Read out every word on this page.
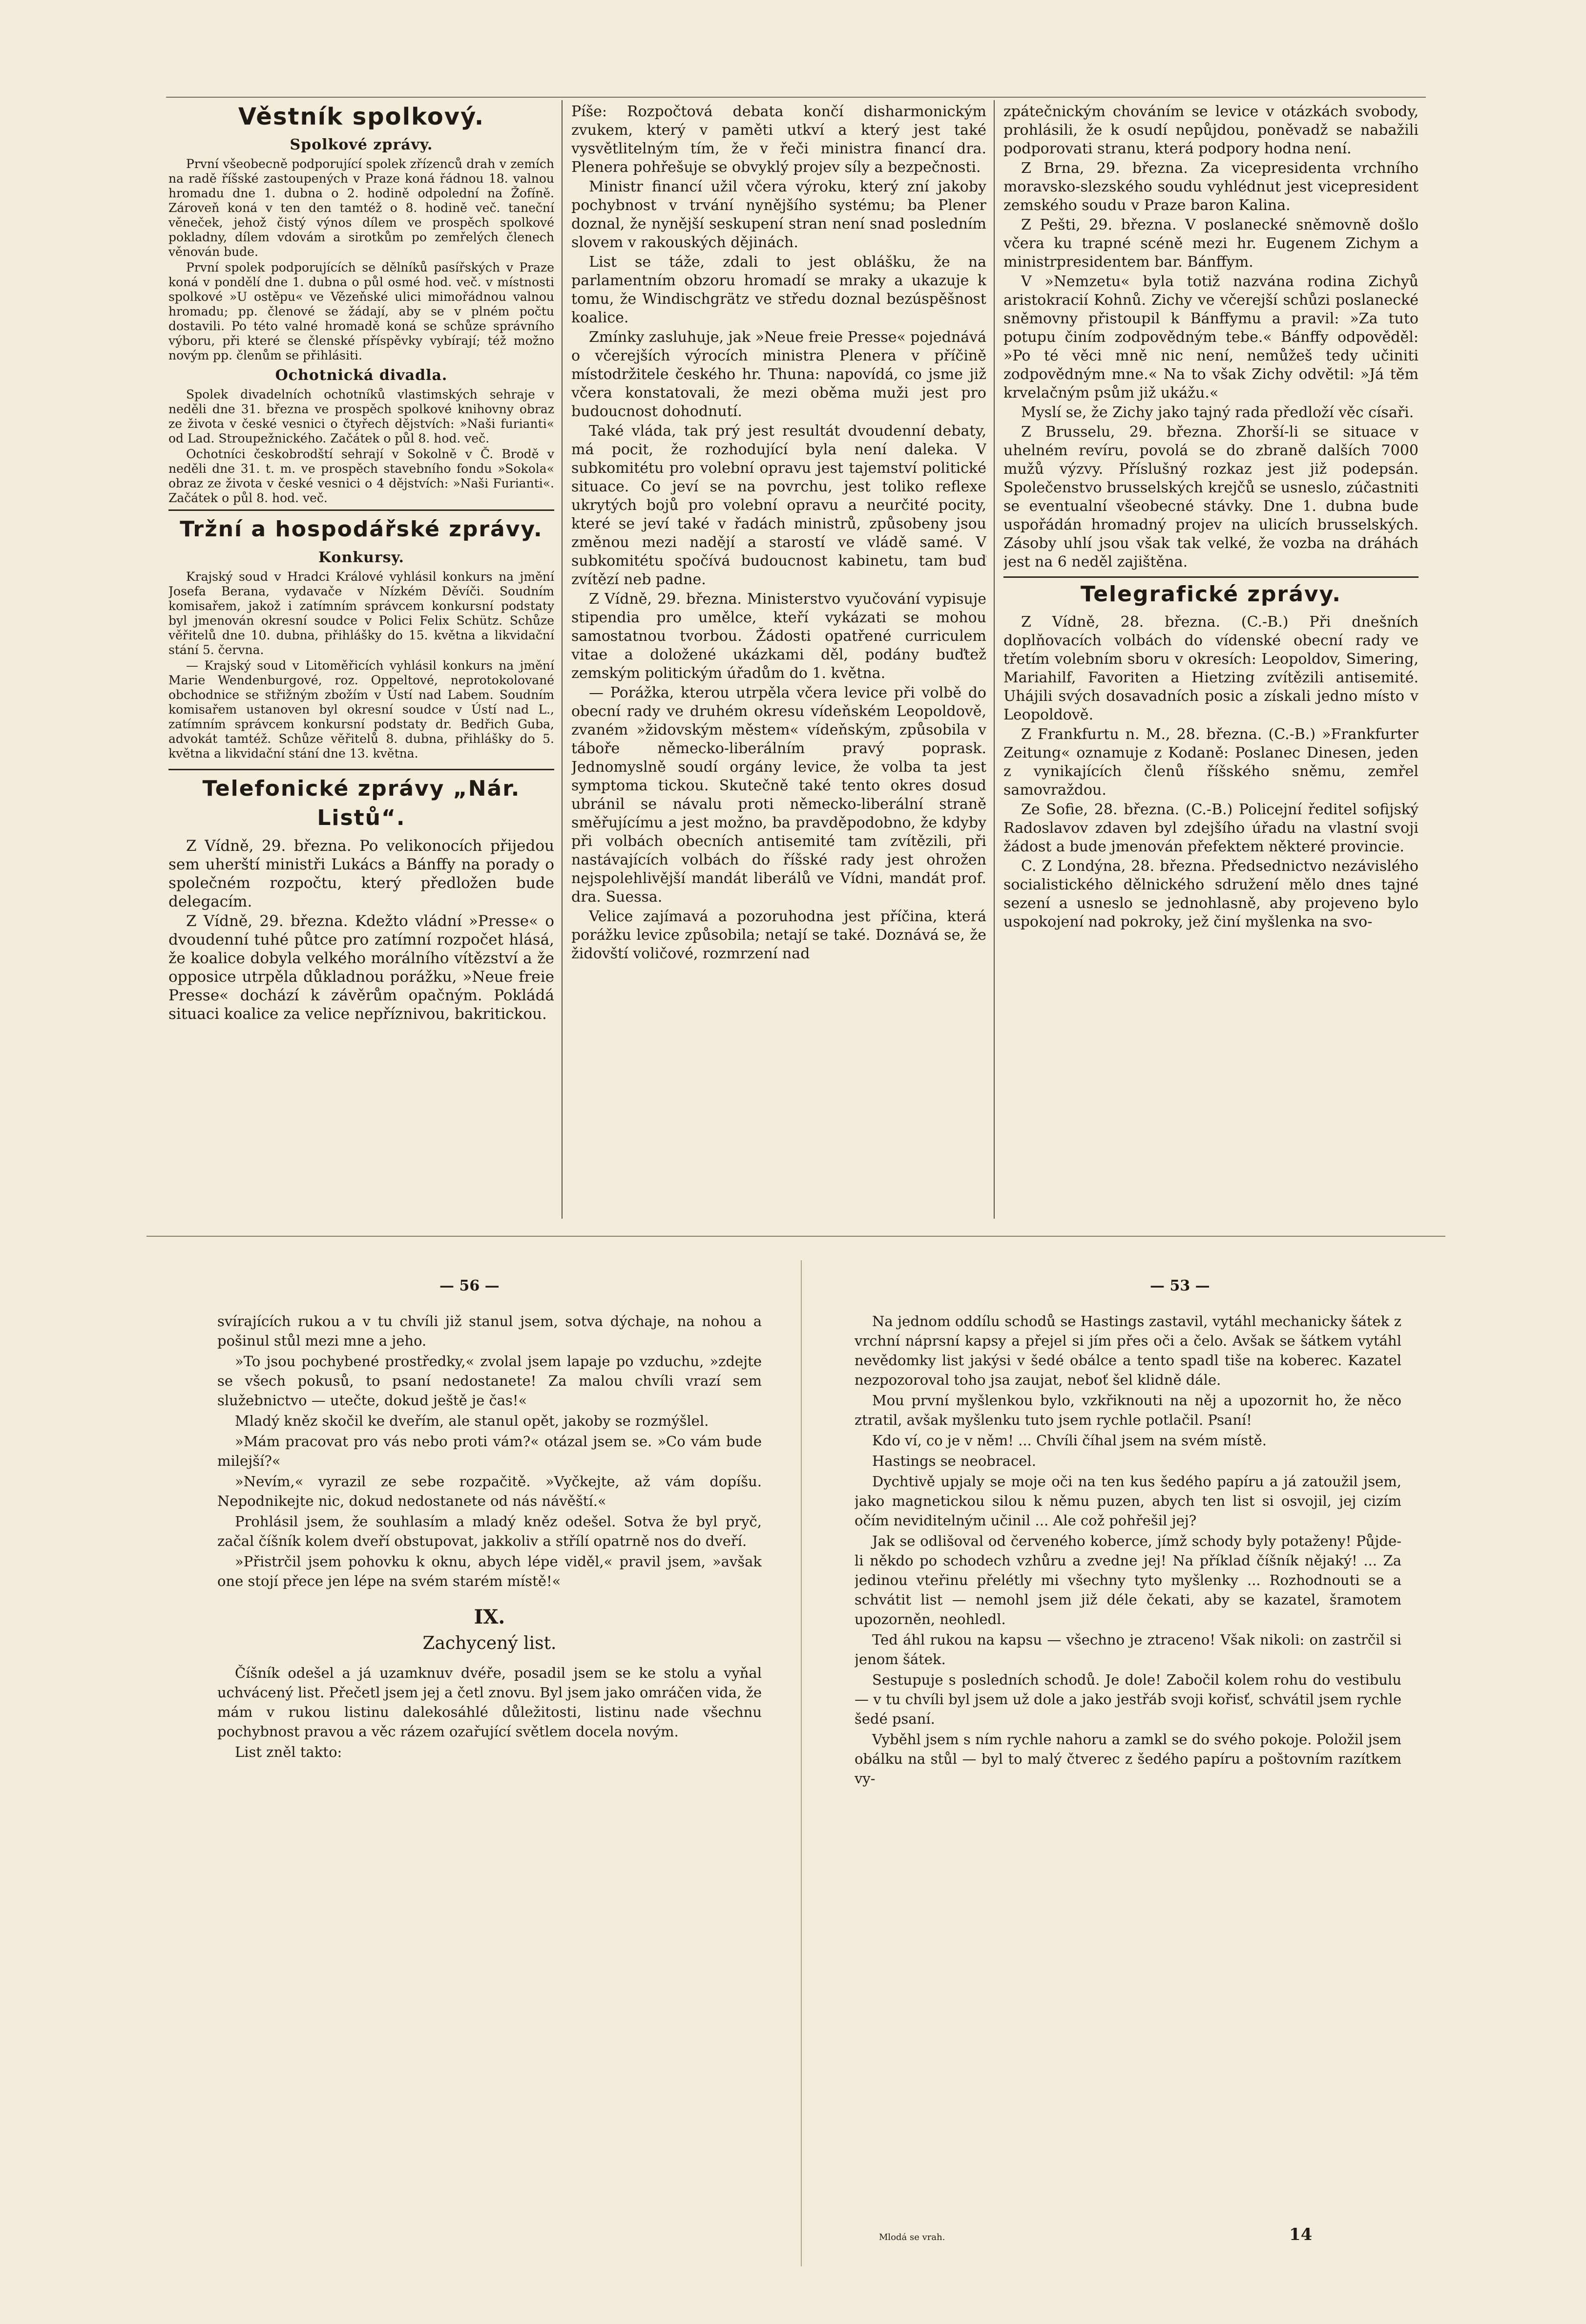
Věstník spolkový.
Spolkové zprávy.

První všeobecně podporující spolek zřízenců drah v zemích na radě říšské zastoupených v Praze koná řádnou 18. valnou hromadu dne 1. dubna o 2. hodině odpolední na Žofíně. Zároveň koná v ten den tamtéž o 8. hodině več. taneční věneček, jehož čistý výnos dílem ve prospěch spolkové pokladny, dílem vdovám a sirotkům po zemřelých členech věnován bude.

První spolek podporujících se dělníků pasířských v Praze koná v pondělí dne 1. dubna o půl osmé hod. več. v místnosti spolkové »U ostěpu« ve Vězeňské ulici mimořádnou valnou hromadu; pp. členové se žádají, aby se v plném počtu dostavili. Po této valné hromadě koná se schůze správního výboru, při které se členské příspěvky vybírají; též možno novým pp. členům se přihlásiti.

Ochotnická divadla.

Spolek divadelních ochotníků vlastimských sehraje v neděli dne 31. března ve prospěch spolkové knihovny obraz ze života v české vesnici o čtyřech dějstvích: »Naši furianti« od Lad. Stroupežnického. Začátek o půl 8. hod. več.

Ochotníci českobrodští sehrají v Sokolně v Č. Brodě v neděli dne 31. t. m. ve prospěch stavebního fondu »Sokola« obraz ze života v české vesnici o 4 dějstvích: »Naši Furianti«. Začátek o půl 8. hod. več.

Tržní a hospodářské zprávy.
Konkursy.

Krajský soud v Hradci Králové vyhlásil konkurs na jmění Josefa Berana, vydavače v Nízkém Děvíči. Soudním komisařem, jakož i zatímním správcem konkursní podstaty byl jmenován okresní soudce v Polici Felix Schütz. Schůze věřitelů dne 10. dubna, přihlášky do 15. května a likvidační stání 5. června.

— Krajský soud v Litoměřicích vyhlásil konkurs na jmění Marie Wendenburgové, roz. Oppeltové, neprotokolované obchodnice se střižným zbožím v Ústí nad Labem. Soudním komisařem ustanoven byl okresní soudce v Ústí nad L., zatímním správcem konkursní podstaty dr. Bedřich Guba, advokát tamtéž. Schůze věřitelů 8. dubna, přihlášky do 5. května a likvidační stání dne 13. května.

Telefonické zprávy „Nár. Listů“.

Z Vídně, 29. března. Po velikonocích přijedou sem uherští ministři Lukács a Bánffy na porady o společném rozpočtu, který předložen bude delegacím.

Z Vídně, 29. března. Kdežto vládní »Presse« o dvoudenní tuhé půtce pro zatímní rozpočet hlásá, že koalice dobyla velkého morálního vítězství a že opposice utrpěla důkladnou porážku, »Neue freie Presse« dochází k závěrům opačným. Pokládá situaci koalice za velice nepříznivou, bakritickou.

Píše: Rozpočtová debata končí disharmonickým zvukem, který v paměti utkví a který jest také vysvětlitelným tím, že v řeči ministra financí dra. Plenera pohřešuje se obvyklý projev síly a bezpečnosti.

Ministr financí užil včera výroku, který zní jakoby pochybnost v trvání nynějšího systému; ba Plener doznal, že nynější seskupení stran není snad posledním slovem v rakouských dějinách.

List se táže, zdali to jest oblášku, že na parlamentním obzoru hromadí se mraky a ukazuje k tomu, že Windischgrätz ve středu doznal bezúspěšnost koalice.

Zmínky zasluhuje, jak »Neue freie Presse« pojednává o včerejších výrocích ministra Plenera v příčině místodržitele českého hr. Thuna: napovídá, co jsme již včera konstatovali, že mezi oběma muži jest pro budoucnost dohodnutí.

Také vláda, tak prý jest resultát dvoudenní debaty, má pocit, že rozhodující byla není daleka. V subkomitétu pro volební opravu jest tajemství politické situace. Co jeví se na povrchu, jest toliko reflexe ukrytých bojů pro volební opravu a neurčité pocity, které se jeví také v řadách ministrů, způsobeny jsou změnou mezi nadějí a starostí ve vládě samé. V subkomitétu spočívá budoucnost kabinetu, tam buď zvítězí neb padne.

Z Vídně, 29. března. Ministerstvo vyučování vypisuje stipendia pro umělce, kteří vykázati se mohou samostatnou tvorbou. Žádosti opatřené curriculem vitae a doložené ukázkami děl, podány buďtež zemským politickým úřadům do 1. května.

— Porážka, kterou utrpěla včera levice při volbě do obecní rady ve druhém okresu vídeňském Leopoldově, zvaném »židovským městem« vídeňským, způsobila v táboře německo-liberálním pravý poprask. Jednomyslně soudí orgány levice, že volba ta jest symptoma tickou. Skutečně také tento okres dosud ubránil se návalu proti německo-liberální straně směřujícímu a jest možno, ba pravděpodobno, že kdyby při volbách obecních antisemité tam zvítězili, při nastávajících volbách do říšské rady jest ohrožen nejspolehlivější mandát liberálů ve Vídni, mandát prof. dra. Suessa.

Velice zajímavá a pozoruhodna jest příčina, která porážku levice způsobila; netají se také. Doznává se, že židovští voličové, rozmrzení nad

zpátečnickým chováním se levice v otázkách svobody, prohlásili, že k osudí nepůjdou, poněvadž se nabažili podporovati stranu, která podpory hodna není.

Z Brna, 29. března. Za vicepresidenta vrchního moravsko-slezského soudu vyhlédnut jest vicepresident zemského soudu v Praze baron Kalina.

Z Pešti, 29. března. V poslanecké sněmovně došlo včera ku trapné scéně mezi hr. Eugenem Zichym a ministrpresidentem bar. Bánffym.

V »Nemzetu« byla totiž nazvána rodina Zichyů aristokracií Kohnů. Zichy ve včerejší schůzi poslanecké sněmovny přistoupil k Bánffymu a pravil: »Za tuto potupu činím zodpovědným tebe.« Bánffy odpověděl: »Po té věci mně nic není, nemůžeš tedy učiniti zodpovědným mne.« Na to však Zichy odvětil: »Já těm krvelačným psům již ukážu.«

Myslí se, že Zichy jako tajný rada předloží věc císaři.

Z Brusselu, 29. března. Zhorší-li se situace v uhelném revíru, povolá se do zbraně dalších 7000 mužů výzvy. Příslušný rozkaz jest již podepsán. Společenstvo brusselských krejčů se usneslo, zúčastniti se eventualní všeobecné stávky. Dne 1. dubna bude uspořádán hromadný projev na ulicích brusselských. Zásoby uhlí jsou však tak velké, že vozba na dráhách jest na 6 neděl zajištěna.

Telegrafické zprávy.

Z Vídně, 28. března. (C.-B.) Při dnešních doplňovacích volbách do vídenské obecní rady ve třetím volebním sboru v okresích: Leopoldov, Simering, Mariahilf, Favoriten a Hietzing zvítězili antisemité. Uhájili svých dosavadních posic a získali jedno místo v Leopoldově.

Z Frankfurtu n. M., 28. března. (C.-B.) »Frankfurter Zeitung« oznamuje z Kodaně: Poslanec Dinesen, jeden z vynikajících členů říšského sněmu, zemřel samovraždou.

Ze Sofie, 28. března. (C.-B.) Policejní ředitel sofijský Radoslavov zdaven byl zdejšího úřadu na vlastní svoji žádost a bude jmenován přefektem některé provincie.

C. Z Londýna, 28. března. Předsednictvo nezávislého socialistického dělnického sdružení mělo dnes tajné sezení a usneslo se jednohlasně, aby projeveno bylo uspokojení nad pokroky, jež činí myšlenka na svo-

— 56 —

svírajících rukou a v tu chvíli již stanul jsem, sotva dýchaje, na nohou a pošinul stůl mezi mne a jeho.

»To jsou pochybené prostředky,« zvolal jsem lapaje po vzduchu, »zdejte se všech pokusů, to psaní nedostanete! Za malou chvíli vrazí sem služebnictvo — utečte, dokud ještě je čas!«

Mladý kněz skočil ke dveřím, ale stanul opět, jakoby se rozmýšlel.

»Mám pracovat pro vás nebo proti vám?« otázal jsem se. »Co vám bude milejší?«

»Nevím,« vyrazil ze sebe rozpačitě. »Vyčkejte, až vám dopíšu. Nepodnikejte nic, dokud nedostanete od nás návěští.«

Prohlásil jsem, že souhlasím a mladý kněz odešel. Sotva že byl pryč, začal číšník kolem dveří obstupovat, jakkoliv a střílí opatrně nos do dveří.

»Přistrčil jsem pohovku k oknu, abych lépe viděl,« pravil jsem, »avšak one stojí přece jen lépe na svém starém místě!«

IX.
Zachycený list.

Číšník odešel a já uzamknuv dvéře, posadil jsem se ke stolu a vyňal uchvácený list. Přečetl jsem jej a četl znovu. Byl jsem jako omráčen vida, že mám v rukou listinu dalekosáhlé důležitosti, listinu nade všechnu pochybnost pravou a věc rázem ozařující světlem docela novým.

List zněl takto:

— 53 —

Na jednom oddílu schodů se Hastings zastavil, vytáhl mechanicky šátek z vrchní náprsní kapsy a přejel si jím přes oči a čelo. Avšak se šátkem vytáhl nevědomky list jakýsi v šedé obálce a tento spadl tiše na koberec. Kazatel nezpozoroval toho jsa zaujat, neboť šel klidně dále.

Mou první myšlenkou bylo, vzkřiknouti na něj a upozornit ho, že něco ztratil, avšak myšlenku tuto jsem rychle potlačil. Psaní!

Kdo ví, co je v něm! ... Chvíli číhal jsem na svém místě.

Hastings se neobracel.

Dychtivě upjaly se moje oči na ten kus šedého papíru a já zatoužil jsem, jako magnetickou silou k němu puzen, abych ten list si osvojil, jej cizím očím neviditelným učinil ... Ale což pohřešil jej?

Jak se odlišoval od červeného koberce, jímž schody byly potaženy! Půjde-li někdo po schodech vzhůru a zvedne jej! Na příklad číšník nějaký! ... Za jedinou vteřinu přelétly mi všechny tyto myšlenky ... Rozhodnouti se a schvátit list — nemohl jsem již déle čekati, aby se kazatel, šramotem upozorněn, neohledl.

Ted áhl rukou na kapsu — všechno je ztraceno! Však nikoli: on zastrčil si jenom šátek.

Sestupuje s posledních schodů. Je dole! Zabočil kolem rohu do vestibulu — v tu chvíli byl jsem už dole a jako jestřáb svoji kořisť, schvátil jsem rychle šedé psaní.

Vyběhl jsem s ním rychle nahoru a zamkl se do svého pokoje. Položil jsem obálku na stůl — byl to malý čtverec z šedého papíru a poštovním razítkem vy-

Mlodá se vrah.	14
